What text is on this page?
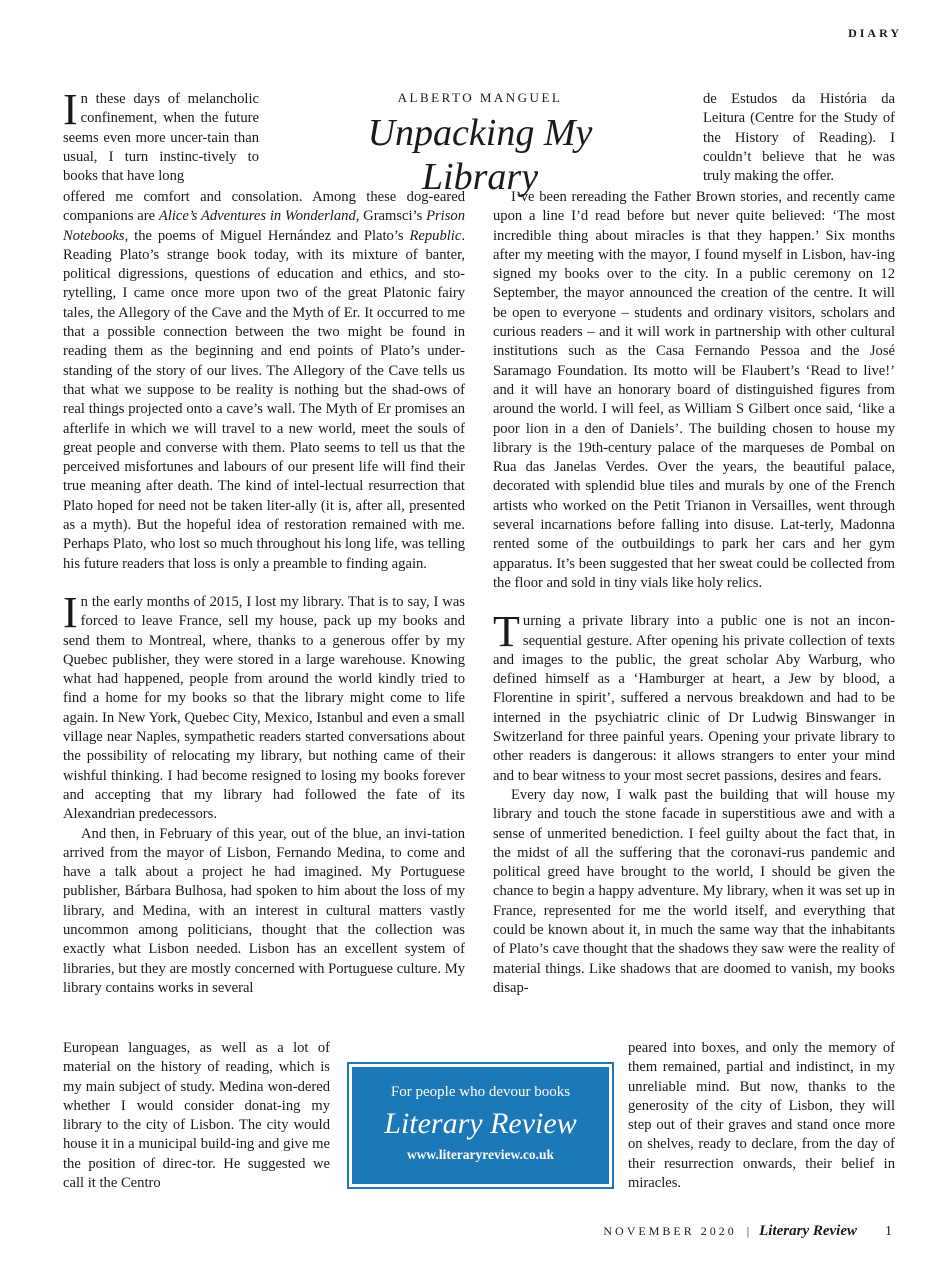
DIARY
ALBERTO MANGUEL
Unpacking My Library

In these days of melancholic confinement, when the future seems even more uncer-tain than usual, I turn instinc-tively to books that have long

offered me comfort and consolation. Among these dog-eared companions are Alice’s Adventures in Wonderland, Gramsci’s Prison Notebooks, the poems of Miguel Hernández and Plato’s Republic. Reading Plato’s strange book today, with its mixture of banter, political digressions, questions of education and ethics, and sto-rytelling, I came once more upon two of the great Platonic fairy tales, the Allegory of the Cave and the Myth of Er. It occurred to me that a possible connection between the two might be found in reading them as the beginning and end points of Plato’s under-standing of the story of our lives. The Allegory of the Cave tells us that what we suppose to be reality is nothing but the shad-ows of real things projected onto a cave’s wall. The Myth of Er promises an afterlife in which we will travel to a new world, meet the souls of great people and converse with them. Plato seems to tell us that the perceived misfortunes and labours of our present life will find their true meaning after death. The kind of intel-lectual resurrection that Plato hoped for need not be taken liter-ally (it is, after all, presented as a myth). But the hopeful idea of restoration remained with me. Perhaps Plato, who lost so much throughout his long life, was telling his future readers that loss is only a preamble to finding again.

In the early months of 2015, I lost my library. That is to say, I was forced to leave France, sell my house, pack up my books and send them to Montreal, where, thanks to a generous offer by my Quebec publisher, they were stored in a large warehouse. Knowing what had happened, people from around the world kindly tried to find a home for my books so that the library might come to life again. In New York, Quebec City, Mexico, Istanbul and even a small village near Naples, sympathetic readers started conversations about the possibility of relocating my library, but nothing came of their wishful thinking. I had become resigned to losing my books forever and accepting that my library had followed the fate of its Alexandrian predecessors.

And then, in February of this year, out of the blue, an invi-tation arrived from the mayor of Lisbon, Fernando Medina, to come and have a talk about a project he had imagined. My Portuguese publisher, Bárbara Bulhosa, had spoken to him about the loss of my library, and Medina, with an interest in cultural matters vastly uncommon among politicians, thought that the collection was exactly what Lisbon needed. Lisbon has an excellent system of libraries, but they are mostly concerned with Portuguese culture. My library contains works in several

European languages, as well as a lot of material on the history of reading, which is my main subject of study. Medina won-dered whether I would consider donat-ing my library to the city of Lisbon. The city would house it in a municipal build-ing and give me the position of direc-tor. He suggested we call it the Centro

de Estudos da História da Leitura (Centre for the Study of the History of Reading). I couldn’t believe that he was truly making the offer.

I’ve been rereading the Father Brown stories, and recently came upon a line I’d read before but never quite believed: ‘The most incredible thing about miracles is that they happen.’ Six months after my meeting with the mayor, I found myself in Lisbon, hav-ing signed my books over to the city. In a public ceremony on 12 September, the mayor announced the creation of the centre. It will be open to everyone – students and ordinary visitors, scholars and curious readers – and it will work in partnership with other cultural institutions such as the Casa Fernando Pessoa and the José Saramago Foundation. Its motto will be Flaubert’s ‘Read to live!’ and it will have an honorary board of distinguished figures from around the world. I will feel, as William S Gilbert once said, ‘like a poor lion in a den of Daniels’. The building chosen to house my library is the 19th-century palace of the marqueses de Pombal on Rua das Janelas Verdes. Over the years, the beautiful palace, decorated with splendid blue tiles and murals by one of the French artists who worked on the Petit Trianon in Versailles, went through several incarnations before falling into disuse. Lat-terly, Madonna rented some of the outbuildings to park her cars and her gym apparatus. It’s been suggested that her sweat could be collected from the floor and sold in tiny vials like holy relics.

Turning a private library into a public one is not an incon-sequential gesture. After opening his private collection of texts and images to the public, the great scholar Aby Warburg, who defined himself as a ‘Hamburger at heart, a Jew by blood, a Florentine in spirit’, suffered a nervous breakdown and had to be interned in the psychiatric clinic of Dr Ludwig Binswanger in Switzerland for three painful years. Opening your private library to other readers is dangerous: it allows strangers to enter your mind and to bear witness to your most secret passions, desires and fears.

Every day now, I walk past the building that will house my library and touch the stone facade in superstitious awe and with a sense of unmerited benediction. I feel guilty about the fact that, in the midst of all the suffering that the coronavi-rus pandemic and political greed have brought to the world, I should be given the chance to begin a happy adventure. My library, when it was set up in France, represented for me the world itself, and everything that could be known about it, in much the same way that the inhabitants of Plato’s cave thought that the shadows they saw were the reality of material things. Like shadows that are doomed to vanish, my books disap-

peared into boxes, and only the memory of them remained, partial and indistinct, in my unreliable mind. But now, thanks to the generosity of the city of Lisbon, they will step out of their graves and stand once more on shelves, ready to declare, from the day of their resurrection onwards, their belief in miracles.

For people who devour books
Literary Review
www.literaryreview.co.uk
NOVEMBER 2020 | Literary Review 1
